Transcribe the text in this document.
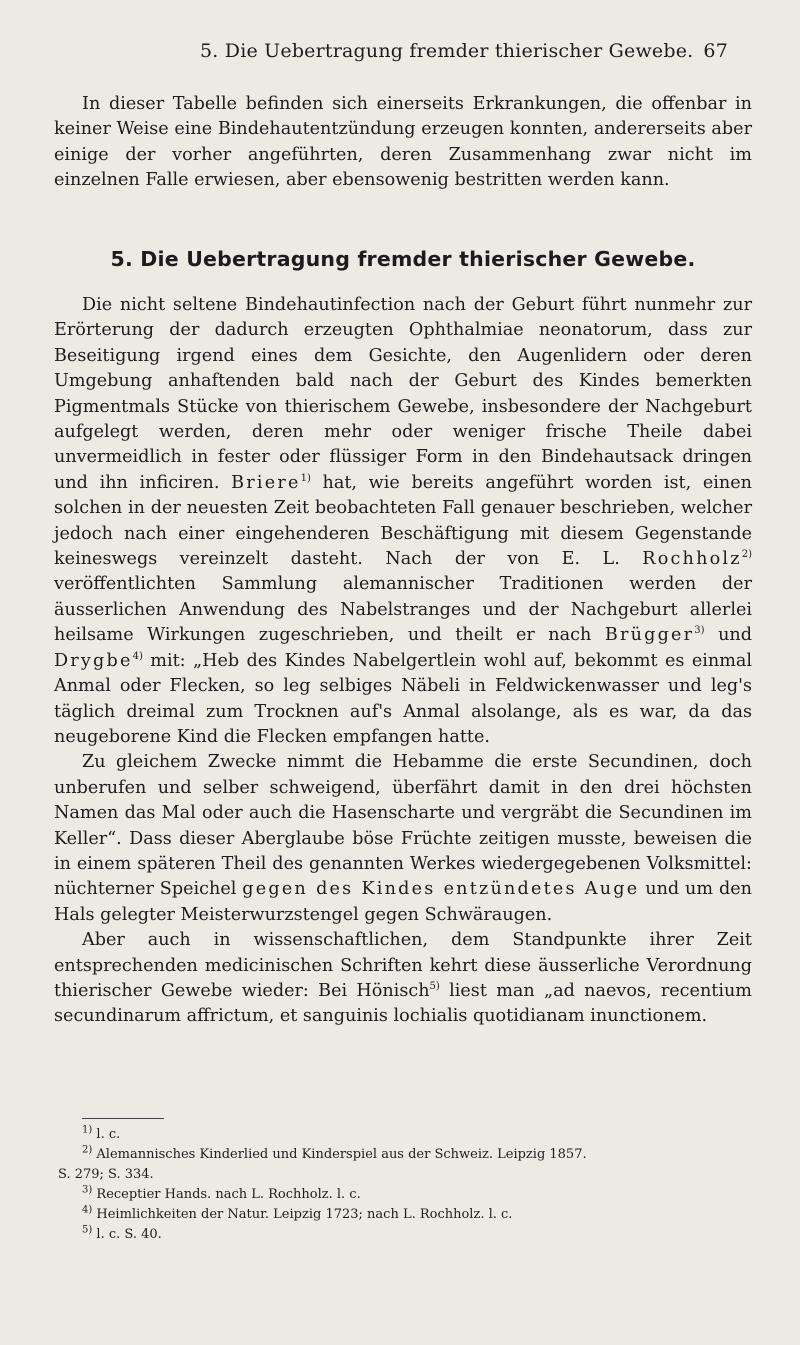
5. Die Uebertragung fremder thierischer Gewebe. 67

In dieser Tabelle befinden sich einerseits Erkrankungen, die offenbar in keiner Weise eine Bindehautentzündung erzeugen konnten, andererseits aber einige der vorher angeführten, deren Zusammenhang zwar nicht im einzelnen Falle erwiesen, aber ebensowenig bestritten werden kann.

5. Die Uebertragung fremder thierischer Gewebe.

Die nicht seltene Bindehautinfection nach der Geburt führt nunmehr zur Erörterung der dadurch erzeugten Ophthalmiae neonatorum, dass zur Beseitigung irgend eines dem Gesichte, den Augenlidern oder deren Umgebung anhaftenden bald nach der Geburt des Kindes bemerkten Pigmentmals Stücke von thierischem Gewebe, insbesondere der Nachgeburt aufgelegt werden, deren mehr oder weniger frische Theile dabei unvermeidlich in fester oder flüssiger Form in den Bindehautsack dringen und ihn inficiren. Briere$^{1)}$ hat, wie bereits angeführt worden ist, einen solchen in der neuesten Zeit beobachteten Fall genauer beschrieben, welcher jedoch nach einer eingehenderen Beschäftigung mit diesem Gegenstande keineswegs vereinzelt dasteht. Nach der von E. L. Rochholz$^{2)}$ veröffentlichten Sammlung alemannischer Traditionen werden der äusserlichen Anwendung des Nabelstranges und der Nachgeburt allerlei heilsame Wirkungen zugeschrieben, und theilt er nach Brügger$^{3)}$ und Drygbe$^{4)}$ mit: „Heb des Kindes Nabelgertlein wohl auf, bekommt es einmal Anmal oder Flecken, so leg selbiges Näbeli in Feldwickenwasser und leg's täglich dreimal zum Trocknen auf's Anmal alsolange, als es war, da das neugeborene Kind die Flecken empfangen hatte.

Zu gleichem Zwecke nimmt die Hebamme die erste Secundinen, doch unberufen und selber schweigend, überfährt damit in den drei höchsten Namen das Mal oder auch die Hasenscharte und vergräbt die Secundinen im Keller“. Dass dieser Aberglaube böse Früchte zeitigen musste, beweisen die in einem späteren Theil des genannten Werkes wiedergegebenen Volksmittel: nüchterner Speichel gegen des Kindes entzündetes Auge und um den Hals gelegter Meisterwurzstengel gegen Schwäraugen.

Aber auch in wissenschaftlichen, dem Standpunkte ihrer Zeit entsprechenden medicinischen Schriften kehrt diese äusserliche Verordnung thierischer Gewebe wieder: Bei Hönisch$^{5)}$ liest man „ad naevos, recentium secundinarum affrictum, et sanguinis lochialis quotidianam inunctionem.

$^{1)}$ l. c.

$^{2)}$ Alemannisches Kinderlied und Kinderspiel aus der Schweiz. Leipzig 1857.

S. 279; S. 334.

$^{3)}$ Receptier Hands. nach L. Rochholz. l. c.

$^{4)}$ Heimlichkeiten der Natur. Leipzig 1723; nach L. Rochholz. l. c.

$^{5)}$ l. c. S. 40.
